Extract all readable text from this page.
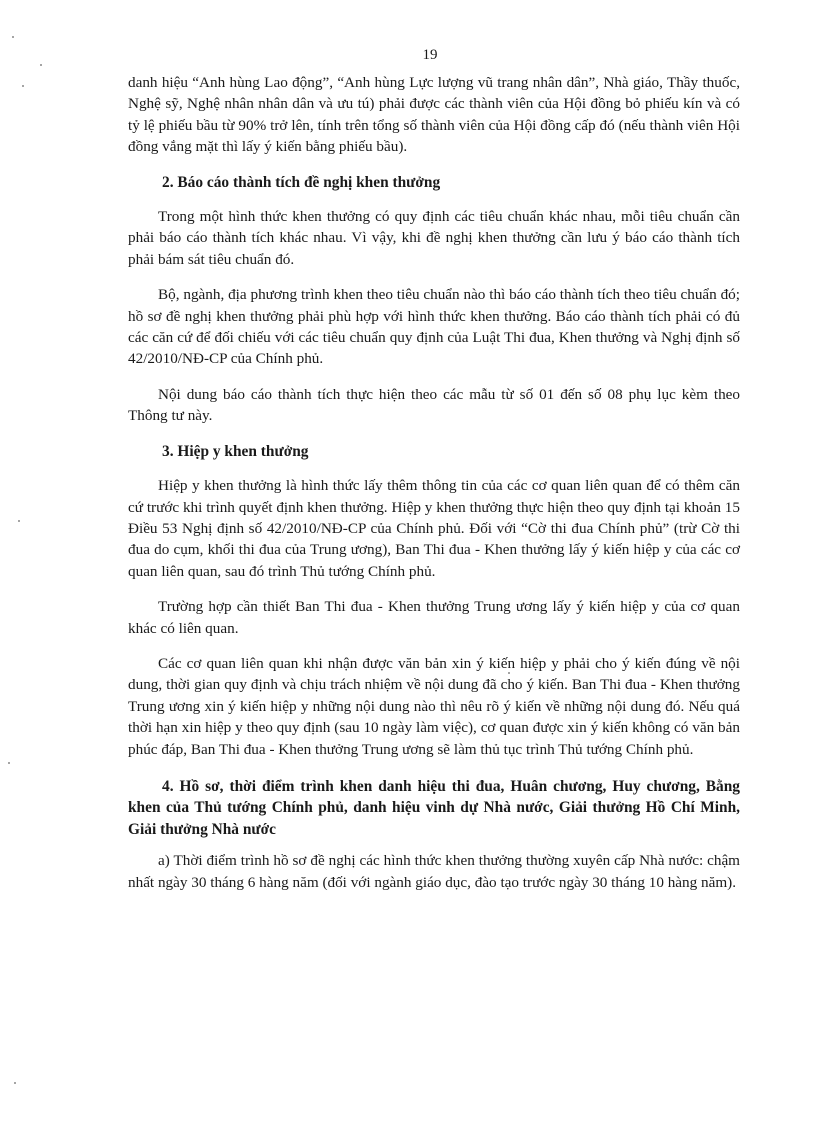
19

danh hiệu “Anh hùng Lao động”, “Anh hùng Lực lượng vũ trang nhân dân”, Nhà giáo, Thầy thuốc, Nghệ sỹ, Nghệ nhân nhân dân và ưu tú) phải được các thành viên của Hội đồng bỏ phiếu kín và có tỷ lệ phiếu bầu từ 90% trở lên, tính trên tổng số thành viên của Hội đồng cấp đó (nếu thành viên Hội đồng vắng mặt thì lấy ý kiến bằng phiếu bầu).

2. Báo cáo thành tích đề nghị khen thưởng

Trong một hình thức khen thưởng có quy định các tiêu chuẩn khác nhau, mỗi tiêu chuẩn cần phải báo cáo thành tích khác nhau. Vì vậy, khi đề nghị khen thưởng cần lưu ý báo cáo thành tích phải bám sát tiêu chuẩn đó.

Bộ, ngành, địa phương trình khen theo tiêu chuẩn nào thì báo cáo thành tích theo tiêu chuẩn đó; hồ sơ đề nghị khen thưởng phải phù hợp với hình thức khen thưởng. Báo cáo thành tích phải có đủ các căn cứ để đối chiếu với các tiêu chuẩn quy định của Luật Thi đua, Khen thưởng và Nghị định số 42/2010/NĐ-CP của Chính phủ.

Nội dung báo cáo thành tích thực hiện theo các mẫu từ số 01 đến số 08 phụ lục kèm theo Thông tư này.

3. Hiệp y khen thưởng

Hiệp y khen thưởng là hình thức lấy thêm thông tin của các cơ quan liên quan để có thêm căn cứ trước khi trình quyết định khen thưởng. Hiệp y khen thưởng thực hiện theo quy định tại khoản 15 Điều 53 Nghị định số 42/2010/NĐ-CP của Chính phủ. Đối với “Cờ thi đua Chính phủ” (trừ Cờ thi đua do cụm, khối thi đua của Trung ương), Ban Thi đua - Khen thưởng lấy ý kiến hiệp y của các cơ quan liên quan, sau đó trình Thủ tướng Chính phủ.

Trường hợp cần thiết Ban Thi đua - Khen thưởng Trung ương lấy ý kiến hiệp y của cơ quan khác có liên quan.

Các cơ quan liên quan khi nhận được văn bản xin ý kiến hiệp y phải cho ý kiến đúng về nội dung, thời gian quy định và chịu trách nhiệm về nội dung đã cho ý kiến. Ban Thi đua - Khen thưởng Trung ương xin ý kiến hiệp y những nội dung nào thì nêu rõ ý kiến về những nội dung đó. Nếu quá thời hạn xin hiệp y theo quy định (sau 10 ngày làm việc), cơ quan được xin ý kiến không có văn bản phúc đáp, Ban Thi đua - Khen thưởng Trung ương sẽ làm thủ tục trình Thủ tướng Chính phủ.

4. Hồ sơ, thời điểm trình khen danh hiệu thi đua, Huân chương, Huy chương, Bằng khen của Thủ tướng Chính phủ, danh hiệu vinh dự Nhà nước, Giải thưởng Hồ Chí Minh, Giải thưởng Nhà nước

a) Thời điểm trình hồ sơ đề nghị các hình thức khen thưởng thường xuyên cấp Nhà nước: chậm nhất ngày 30 tháng 6 hàng năm (đối với ngành giáo dục, đào tạo trước ngày 30 tháng 10 hàng năm).
